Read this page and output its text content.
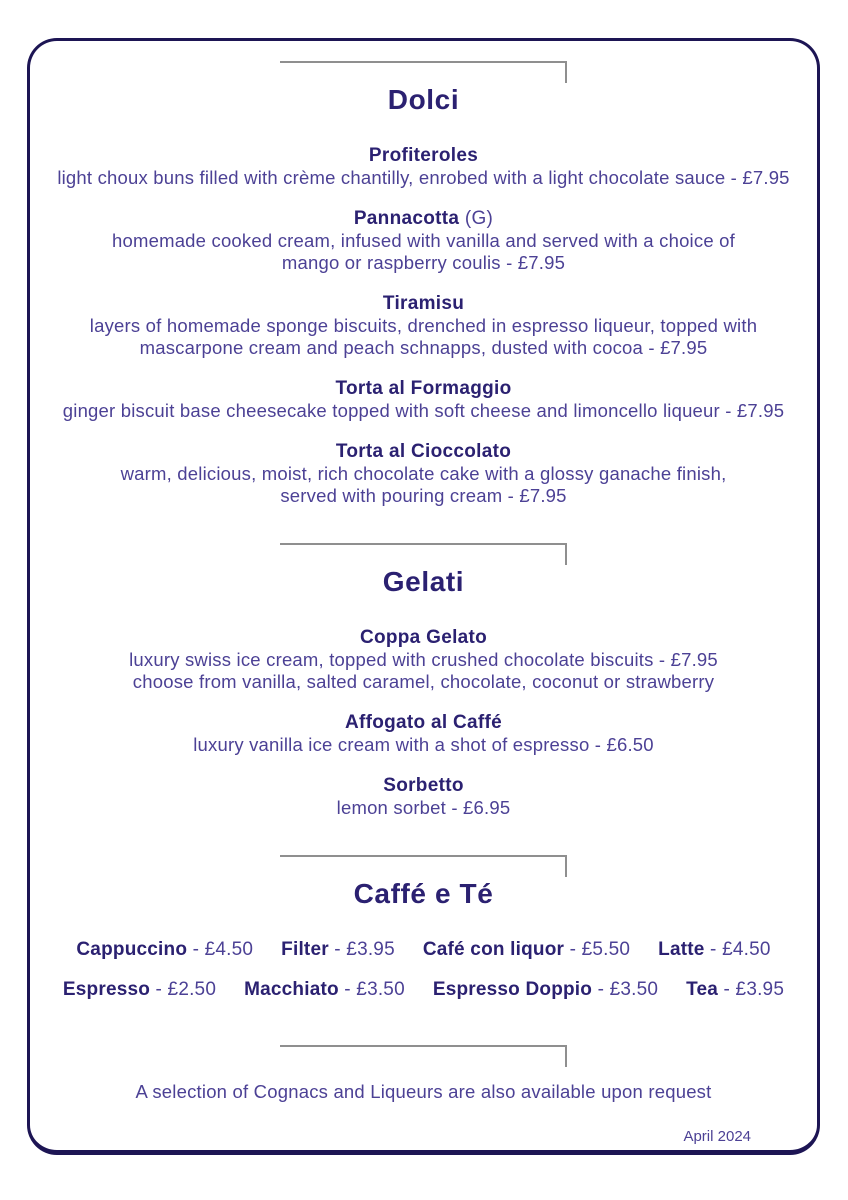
Dolci
Profiteroles
light choux buns filled with crème chantilly, enrobed with a light chocolate sauce - £7.95
Pannacotta (G)
homemade cooked cream, infused with vanilla and served with a choice of
mango or raspberry coulis - £7.95
Tiramisu
layers of homemade sponge biscuits, drenched in espresso liqueur, topped with
mascarpone cream and peach schnapps, dusted with cocoa - £7.95
Torta al Formaggio
ginger biscuit base cheesecake topped with soft cheese and limoncello liqueur - £7.95
Torta al Cioccolato
warm, delicious, moist, rich chocolate cake with a glossy ganache finish,
served with pouring cream - £7.95
Gelati
Coppa Gelato
luxury swiss ice cream, topped with crushed chocolate biscuits - £7.95
choose from vanilla, salted caramel, chocolate, coconut or strawberry
Affogato al Caffé
luxury vanilla ice cream with a shot of espresso - £6.50
Sorbetto
lemon sorbet - £6.95
Caffé e Té
Cappuccino - £4.50 Filter - £3.95 Café con liquor - £5.50 Latte - £4.50
Espresso - £2.50 Macchiato - £3.50 Espresso Doppio - £3.50 Tea - £3.95
A selection of Cognacs and Liqueurs are also available upon request
April 2024
